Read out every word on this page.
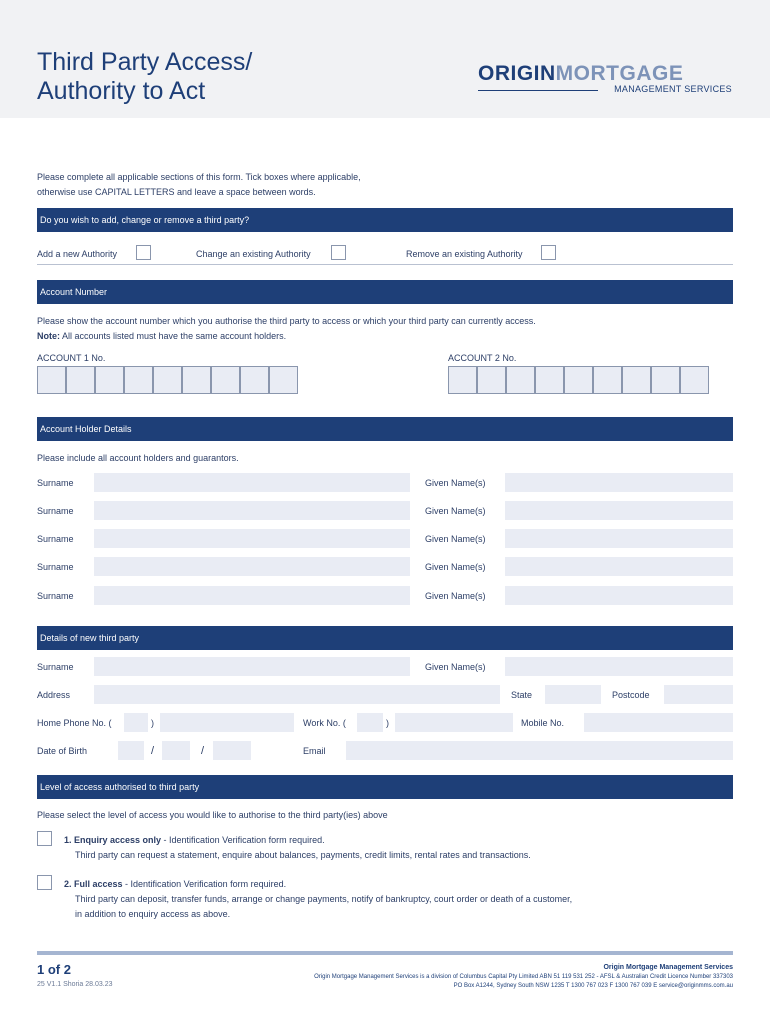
Third Party Access/
Authority to Act
ORIGINMORTGAGE
MANAGEMENT SERVICES
Please complete all applicable sections of this form. Tick boxes where applicable,
otherwise use CAPITAL LETTERS and leave a space between words.
Do you wish to add, change or remove a third party?
Add a new Authority	Change an existing Authority	Remove an existing Authority
Account Number
Please show the account number which you authorise the third party to access or which your third party can currently access.
Note: All accounts listed must have the same account holders.
ACCOUNT 1 No.	ACCOUNT 2 No.
Account Holder Details
Please include all account holders and guarantors.
Surname	Given Name(s)
Surname	Given Name(s)
Surname	Given Name(s)
Surname	Given Name(s)
Surname	Given Name(s)
Details of new third party
Surname	Given Name(s)
Address	State	Postcode
Home Phone No. (	)	Work No. (	)	Mobile No.
Date of Birth	/	/	Email
Level of access authorised to third party
Please select the level of access you would like to authorise to the third party(ies) above
1. Enquiry access only - Identification Verification form required.
Third party can request a statement, enquire about balances, payments, credit limits, rental rates and transactions.
2. Full access - Identification Verification form required.
Third party can deposit, transfer funds, arrange or change payments, notify of bankruptcy, court order or death of a customer,
in addition to enquiry access as above.
1 of 2
25 V1.1 Shoria 28.03.23
Origin Mortgage Management Services
Origin Mortgage Management Services is a division of Columbus Capital Pty Limited ABN 51 119 531 252 - AFSL & Australian Credit Licence Number 337303
PO Box A1244, Sydney South NSW 1235 T 1300 767 023 F 1300 767 039 E service@originmms.com.au
